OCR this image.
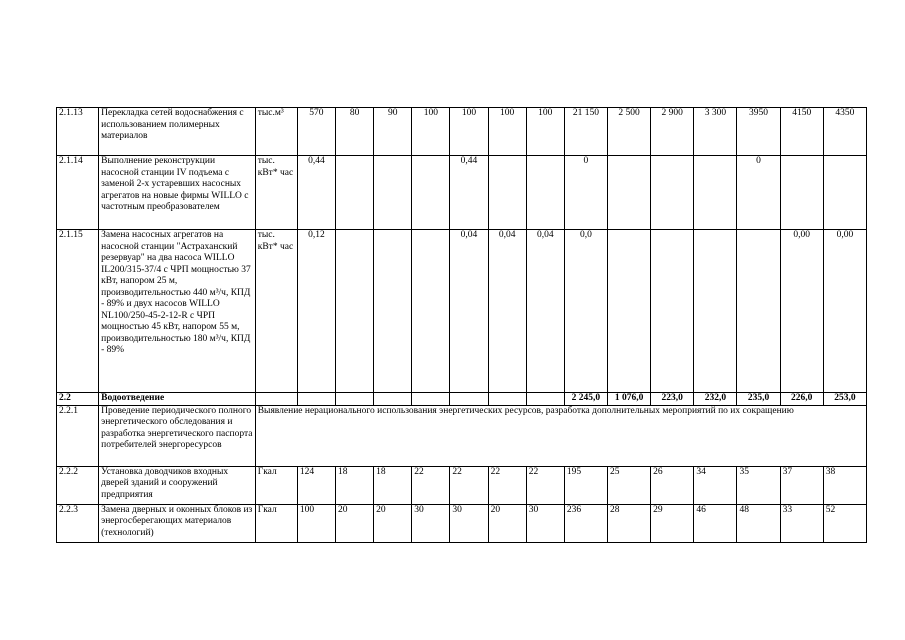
2.1.13	Перекладка сетей водоснабжения с использованием полимерных материалов	тыс.м³	570	80	90	100	100	100	100	21 150	2 500	2 900	3 300	3950	4150	4350
2.1.14	Выполнение реконструкции насосной станции IV подъема с заменой 2-х устаревших насосных агрегатов на новые фирмы WILLO с частотным преобразователем	тыс. кВт* час	0,44				0,44			0				0		
2.1.15	Замена насосных агрегатов на насосной станции "Астраханский резервуар" на два насоса WILLO IL200/315-37/4 с ЧРП мощностью 37 кВт, напором 25 м, производительностью 440 м³/ч, КПД - 89% и двух насосов WILLO NL100/250-45-2-12-R с ЧРП мощностью 45 кВт, напором 55 м, производительностью 180 м³/ч, КПД - 89%	тыс. кВт* час	0,12				0,04	0,04	0,04	0,0					0,00	0,00
2.2	Водоотведение									2 245,0	1 076,0	223,0	232,0	235,0	226,0	253,0
2.2.1	Проведение периодического полного энергетического обследования и разработка энергетического паспорта потребителей энергоресурсов	Выявление нерационального использования энергетических ресурсов, разработка дополнительных мероприятий по их сокращению														
2.2.2	Установка доводчиков входных дверей зданий и сооружений предприятия	Гкал	124	18	18	22	22	22	22	195	25	26	34	35	37	38
2.2.3	Замена дверных и оконных блоков из энергосберегающих материалов (технологий)	Гкал	100	20	20	30	30	20	30	236	28	29	46	48	33	52
